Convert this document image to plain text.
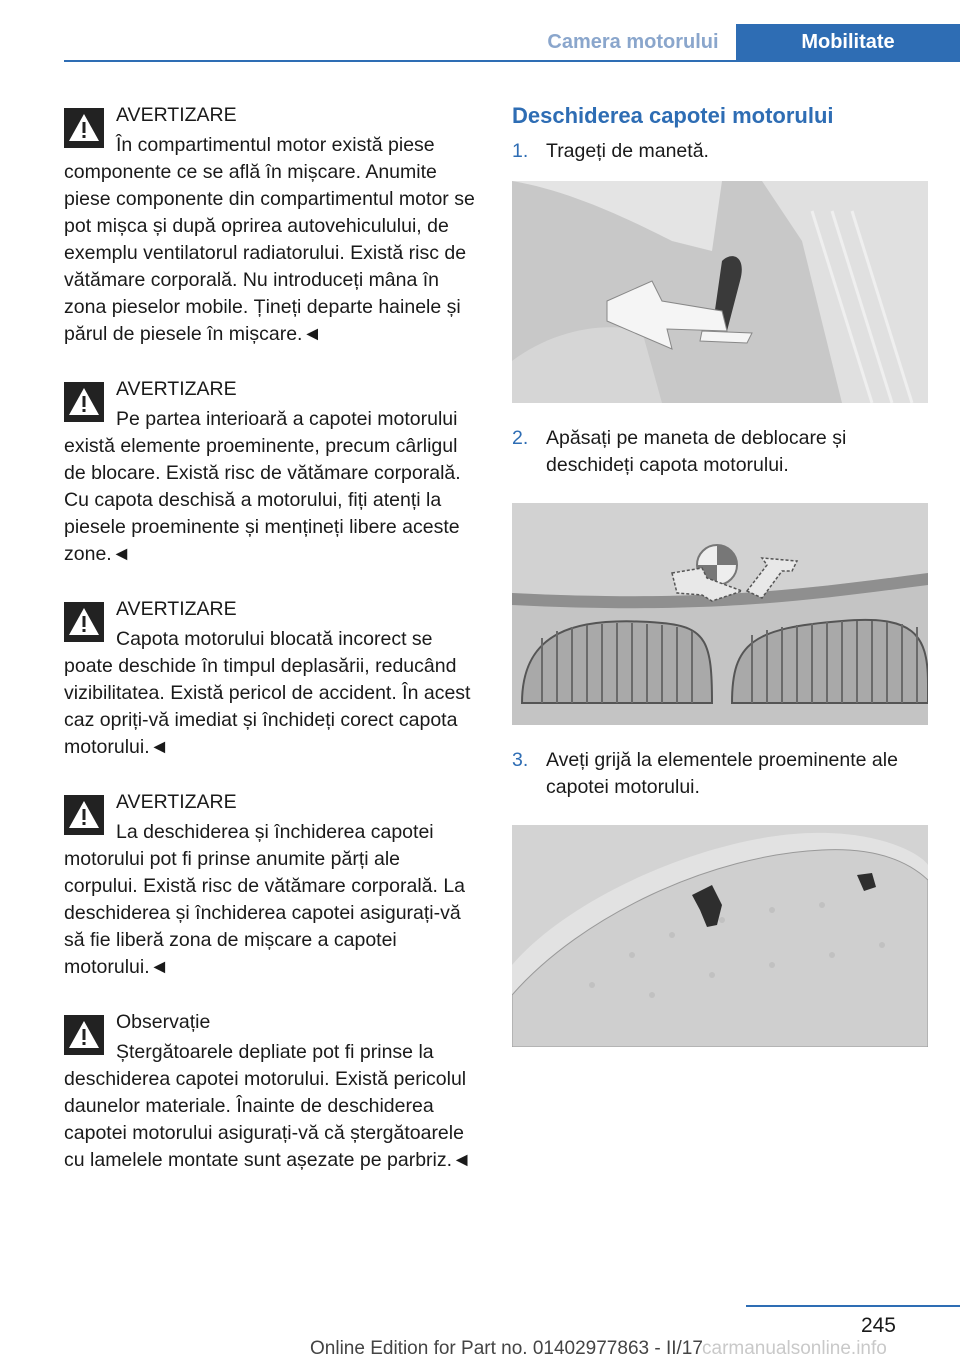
Camera motorului	Mobilitate
AVERTIZARE

În compartimentul motor există piese componente ce se află în mișcare. Anumite piese componente din compartimentul motor se pot mișca și după oprirea autovehiculului, de exemplu ventilatorul radiatorului. Există risc de vătămare corporală. Nu introduceți mâna în zona pieselor mobile. Țineți departe hainele și părul de piesele în mișcare.◄

AVERTIZARE

Pe partea interioară a capotei motorului există elemente proeminente, precum cârligul de blocare. Există risc de vătămare corporală. Cu capota deschisă a motorului, fiți atenți la piesele proeminente și mențineți libere aceste zone.◄

AVERTIZARE

Capota motorului blocată incorect se poate deschide în timpul deplasării, reducând vizibilitatea. Există pericol de accident. În acest caz opriți-vă imediat și închideți corect capota motorului.◄

AVERTIZARE

La deschiderea și închiderea capotei motorului pot fi prinse anumite părți ale corpului. Există risc de vătămare corporală. La deschiderea și închiderea capotei asigurați-vă să fie liberă zona de mișcare a capotei motorului.◄

Observație

Ștergătoarele depliate pot fi prinse la deschiderea capotei motorului. Există pericolul daunelor materiale. Înainte de deschiderea capotei motorului asigurați-vă că ștergătoarele cu lamelele montate sunt așezate pe parbriz.◄

Deschiderea capotei motorului
1. Trageți de manetă.
2. Apăsați pe maneta de deblocare și deschideți capota motorului.
3. Aveți grijă la elementele proeminente ale capotei motorului.
245
Online Edition for Part no. 01402977863 - II/17 carmanualsonline.info
